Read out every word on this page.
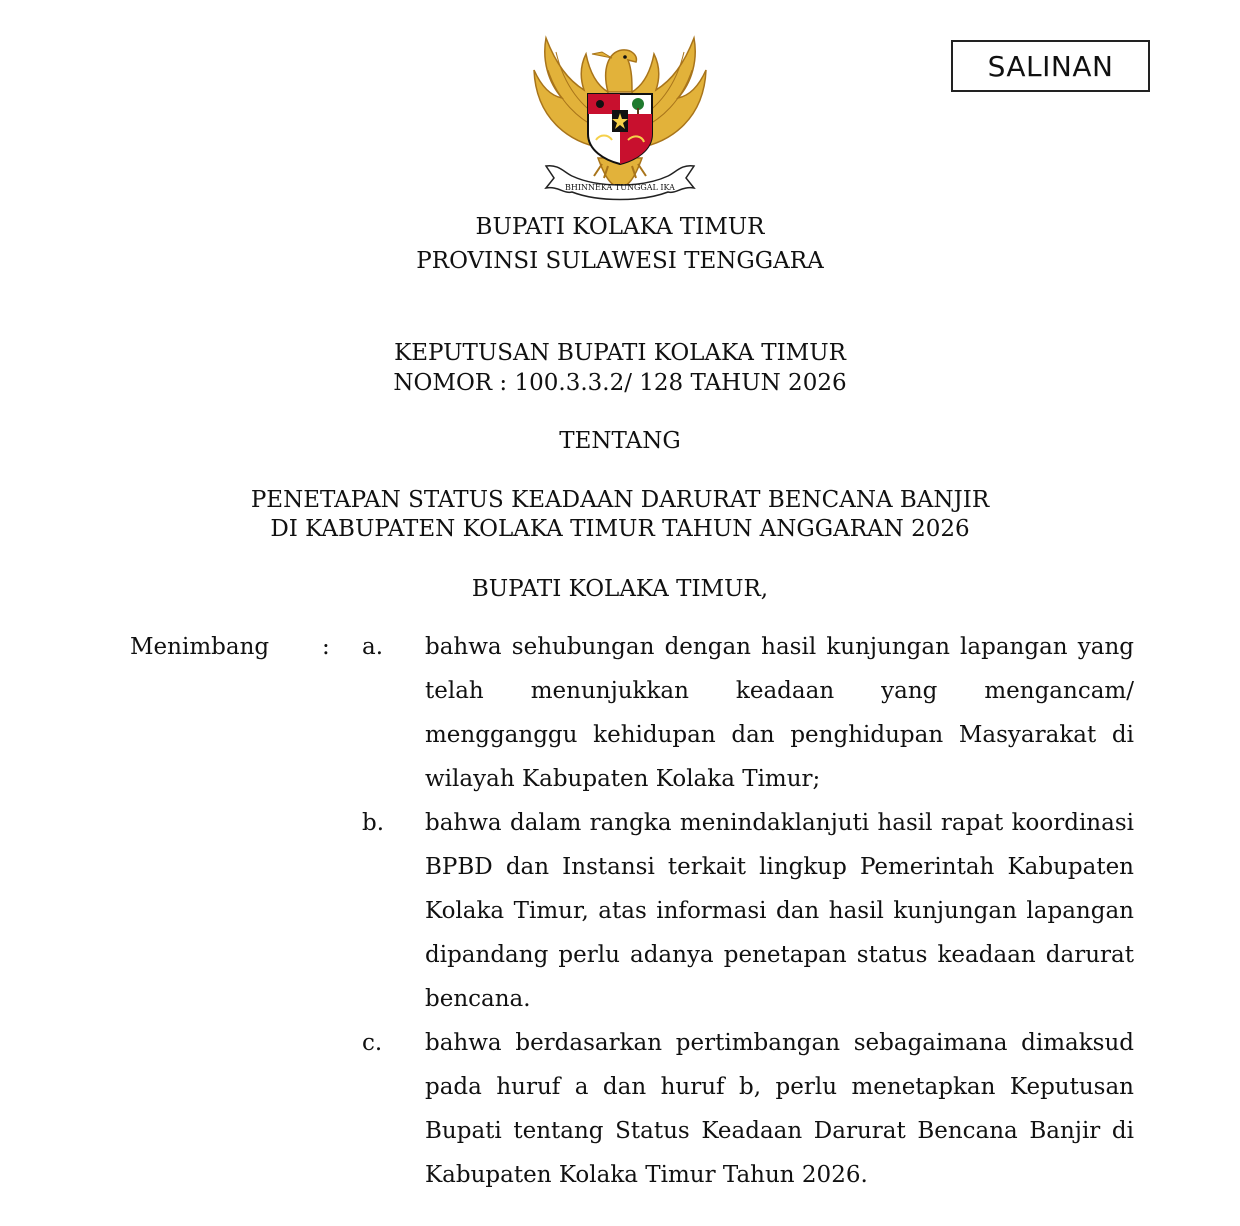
SALINAN
BHINNEKA TUNGGAL IKA
BUPATI KOLAKA TIMUR
PROVINSI SULAWESI TENGGARA
KEPUTUSAN BUPATI KOLAKA TIMUR
NOMOR : 100.3.3.2/ 128 TAHUN 2026
TENTANG
PENETAPAN STATUS KEADAAN DARURAT BENCANA BANJIR
DI KABUPATEN KOLAKA TIMUR TAHUN ANGGARAN 2026
BUPATI KOLAKA TIMUR,
Menimbang : a. bahwa sehubungan dengan hasil kunjungan lapangan yang telah menunjukkan keadaan yang mengancam/ mengganggu kehidupan dan penghidupan Masyarakat di wilayah Kabupaten Kolaka Timur;
b. bahwa dalam rangka menindaklanjuti hasil rapat koordinasi BPBD dan Instansi terkait lingkup Pemerintah Kabupaten Kolaka Timur, atas informasi dan hasil kunjungan lapangan dipandang perlu adanya penetapan status keadaan darurat bencana.
c. bahwa berdasarkan pertimbangan sebagaimana dimaksud pada huruf a dan huruf b, perlu menetapkan Keputusan Bupati tentang Status Keadaan Darurat Bencana Banjir di Kabupaten Kolaka Timur Tahun 2026.
